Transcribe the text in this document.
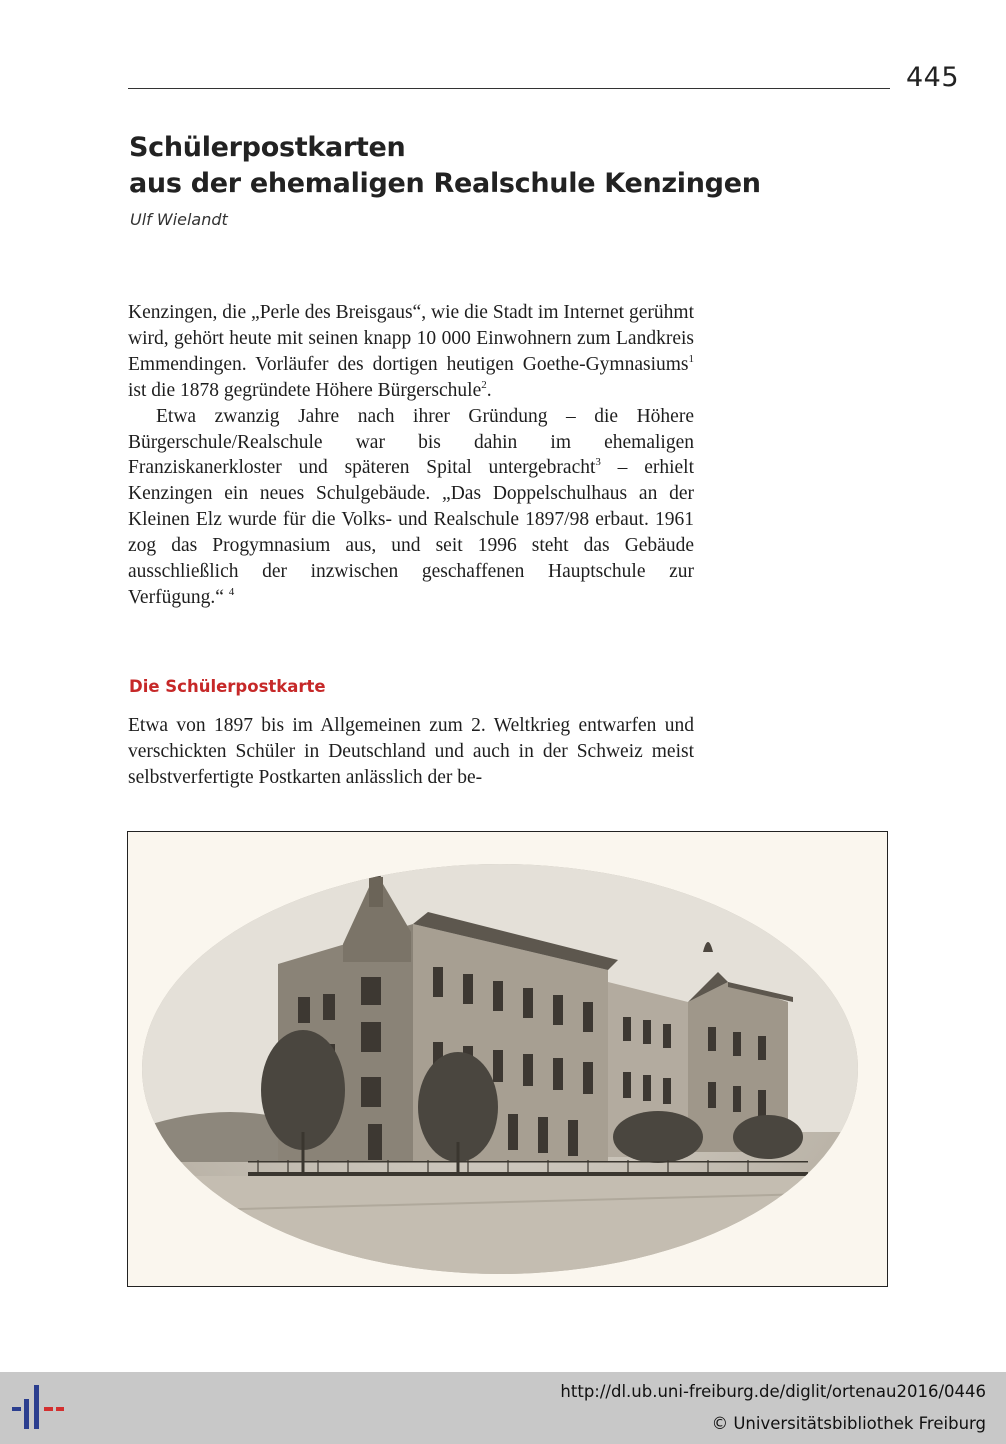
445
Schülerpostkarten
aus der ehemaligen Realschule Kenzingen
Ulf Wielandt

Kenzingen, die „Perle des Breisgaus“, wie die Stadt im Internet gerühmt wird, gehört heute mit seinen knapp 10 000 Einwohnern zum Landkreis Emmendingen. Vorläufer des dortigen heutigen Goethe-Gymnasiums$^1$ ist die 1878 gegründete Höhere Bürgerschule$^2$.

Etwa zwanzig Jahre nach ihrer Gründung – die Höhere Bürgerschule/Realschule war bis dahin im ehemaligen Franziskanerkloster und späteren Spital untergebracht$^3$ – erhielt Kenzingen ein neues Schulgebäude. „Das Doppelschulhaus an der Kleinen Elz wurde für die Volks- und Realschule 1897/98 erbaut. 1961 zog das Progymnasium aus, und seit 1996 steht das Gebäude ausschließlich der inzwischen geschaffenen Hauptschule zur Verfügung.“ $^4$

Die Schülerpostkarte

Etwa von 1897 bis im Allgemeinen zum 2. Weltkrieg entwarfen und verschickten Schüler in Deutschland und auch in der Schweiz meist selbstverfertigte Postkarten anlässlich der be-

http://dl.ub.uni-freiburg.de/diglit/ortenau2016/0446
© Universitätsbibliothek Freiburg
